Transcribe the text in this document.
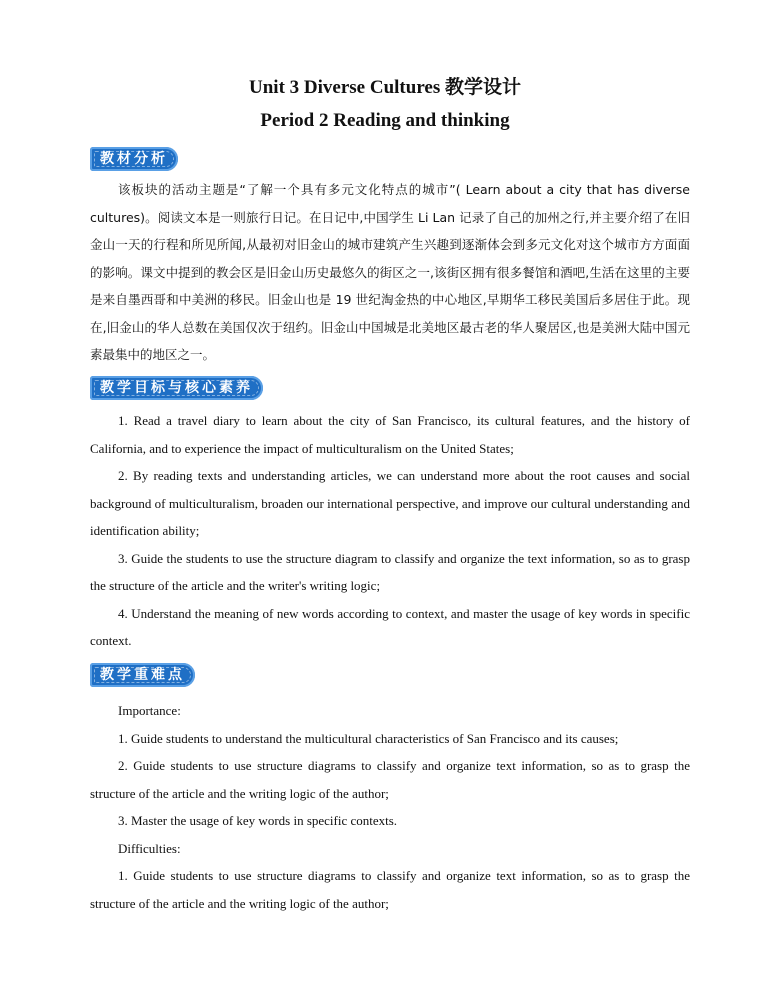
Unit 3 Diverse Cultures 教学设计
Period 2 Reading and thinking
教材分析
该板块的活动主题是“了解一个具有多元文化特点的城市”( Learn about a city that has diverse cultures)。阅读文本是一则旅行日记。在日记中,中国学生 Li Lan 记录了自己的加州之行,并主要介绍了在旧金山一天的行程和所见所闻,从最初对旧金山的城市建筑产生兴趣到逐渐体会到多元文化对这个城市方方面面的影响。课文中提到的教会区是旧金山历史最悠久的街区之一,该街区拥有很多餐馆和酒吧,生活在这里的主要是来自墨西哥和中美洲的移民。旧金山也是 19 世纪淘金热的中心地区,早期华工移民美国后多居住于此。现在,旧金山的华人总数在美国仅次于纽约。旧金山中国城是北美地区最古老的华人聚居区,也是美洲大陆中国元素最集中的地区之一。
教学目标与核心素养

1. Read a travel diary to learn about the city of San Francisco, its cultural features, and the history of California, and to experience the impact of multiculturalism on the United States;

2. By reading texts and understanding articles, we can understand more about the root causes and social background of multiculturalism, broaden our international perspective, and improve our cultural understanding and identification ability;

3. Guide the students to use the structure diagram to classify and organize the text information, so as to grasp the structure of the article and the writer's writing logic;

4. Understand the meaning of new words according to context, and master the usage of key words in specific context.

教学重难点

Importance:

1. Guide students to understand the multicultural characteristics of San Francisco and its causes;

2. Guide students to use structure diagrams to classify and organize text information, so as to grasp the structure of the article and the writing logic of the author;

3. Master the usage of key words in specific contexts.

Difficulties:

1. Guide students to use structure diagrams to classify and organize text information, so as to grasp the structure of the article and the writing logic of the author;
